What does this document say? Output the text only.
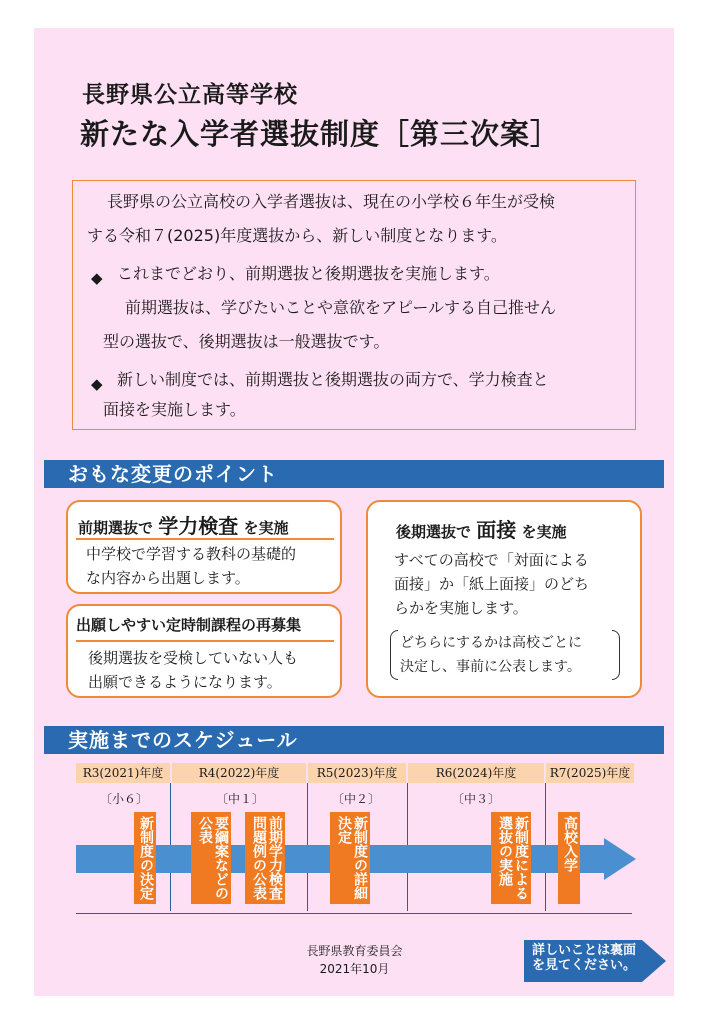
長野県公立高等学校
新たな入学者選抜制度［第三次案］

長野県の公立高校の入学者選抜は、現在の小学校６年生が受検

する令和７(2025)年度選抜から、新しい制度となります。

◆ これまでどおり、前期選抜と後期選抜を実施します。

前期選抜は、学びたいことや意欲をアピールする自己推せん

型の選抜で、後期選抜は一般選抜です。

◆ 新しい制度では、前期選抜と後期選抜の両方で、学力検査と

面接を実施します。

おもな変更のポイント
前期選抜で 学力検査 を実施
中学校で学習する教科の基礎的
な内容から出題します。
出願しやすい定時制課程の再募集
後期選抜を受検していない人も
出願できるようになります。
後期選抜で 面接 を実施
すべての高校で「対面による
面接」か「紙上面接」のどち
らかを実施します。
どちらにするかは高校ごとに
決定し、事前に公表します。
実施までのスケジュール
R3(2021)年度	R4(2022)年度	R5(2023)年度	R6(2024)年度	R7(2025)年度
〔小６〕	〔中１〕	〔中２〕	〔中３〕
新制度の決定	要綱案などの公表	前期学力検査問題例の公表	新制度の詳細決定	新制度による選抜の実施	高校入学
長野県教育委員会
2021年10月
詳しいことは裏面
を見てください。
